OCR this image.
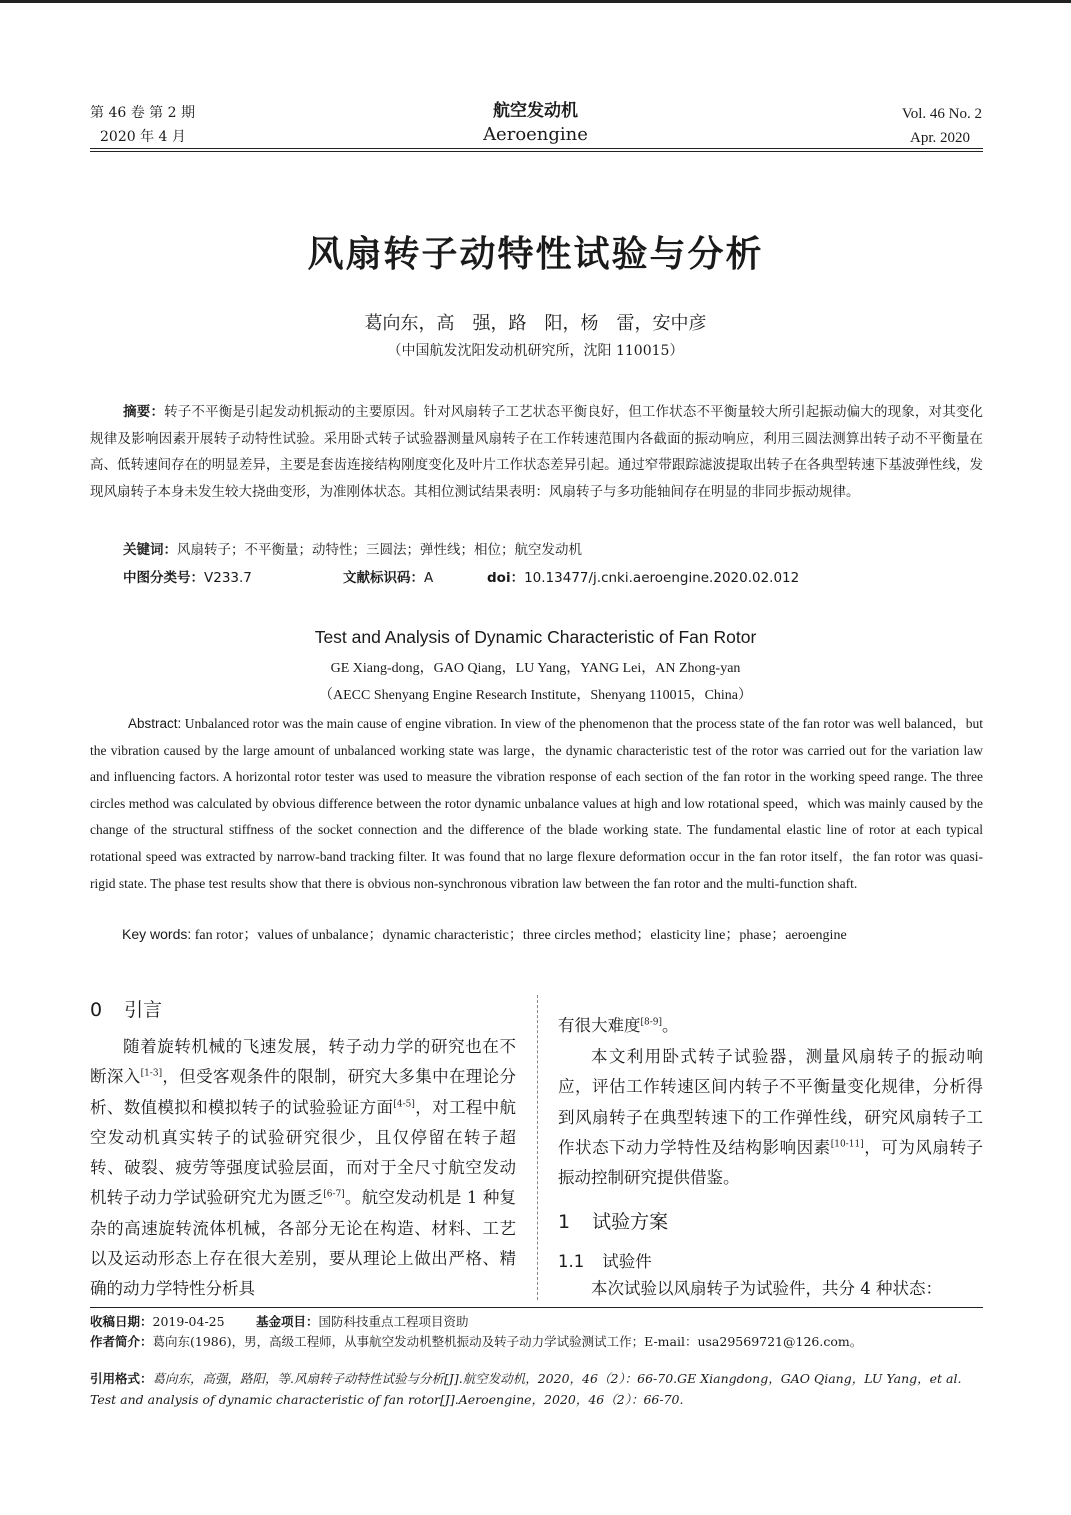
第 46 卷 第 2 期
2020 年 4 月
航空发动机
Aeroengine
Vol. 46 No. 2
Apr. 2020
风扇转子动特性试验与分析
葛向东，高　强，路　阳，杨　雷，安中彦
（中国航发沈阳发动机研究所，沈阳 110015）
摘要：转子不平衡是引起发动机振动的主要原因。针对风扇转子工艺状态平衡良好，但工作状态不平衡量较大所引起振动偏大的现象，对其变化规律及影响因素开展转子动特性试验。采用卧式转子试验器测量风扇转子在工作转速范围内各截面的振动响应，利用三圆法测算出转子动不平衡量在高、低转速间存在的明显差异，主要是套齿连接结构刚度变化及叶片工作状态差异引起。通过窄带跟踪滤波提取出转子在各典型转速下基波弹性线，发现风扇转子本身未发生较大挠曲变形，为准刚体状态。其相位测试结果表明：风扇转子与多功能轴间存在明显的非同步振动规律。
关键词：风扇转子；不平衡量；动特性；三圆法；弹性线；相位；航空发动机
中图分类号：V233.7	文献标识码：A	doi：10.13477/j.cnki.aeroengine.2020.02.012
Test and Analysis of Dynamic Characteristic of Fan Rotor
GE Xiang-dong，GAO Qiang，LU Yang，YANG Lei，AN Zhong-yan
（AECC Shenyang Engine Research Institute，Shenyang 110015，China）
Abstract: Unbalanced rotor was the main cause of engine vibration. In view of the phenomenon that the process state of the fan rotor was well balanced，but the vibration caused by the large amount of unbalanced working state was large，the dynamic characteristic test of the rotor was carried out for the variation law and influencing factors. A horizontal rotor tester was used to measure the vibration response of each section of the fan rotor in the working speed range. The three circles method was calculated by obvious difference between the rotor dynamic unbalance values at high and low rotational speed，which was mainly caused by the change of the structural stiffness of the socket connection and the difference of the blade working state. The fundamental elastic line of rotor at each typical rotational speed was extracted by narrow-band tracking filter. It was found that no large flexure deformation occur in the fan rotor itself，the fan rotor was quasi-rigid state. The phase test results show that there is obvious non-synchronous vibration law between the fan rotor and the multi-function shaft.
Key words: fan rotor；values of unbalance；dynamic characteristic；three circles method；elasticity line；phase；aeroengine
0 引言
随着旋转机械的飞速发展，转子动力学的研究也在不断深入[1-3]，但受客观条件的限制，研究大多集中在理论分析、数值模拟和模拟转子的试验验证方面[4-5]，对工程中航空发动机真实转子的试验研究很少，且仅停留在转子超转、破裂、疲劳等强度试验层面，而对于全尺寸航空发动机转子动力学试验研究尤为匮乏[6-7]。航空发动机是 1 种复杂的高速旋转流体机械，各部分无论在构造、材料、工艺以及运动形态上存在很大差别，要从理论上做出严格、精确的动力学特性分析具
有很大难度[8-9]。
本文利用卧式转子试验器，测量风扇转子的振动响应，评估工作转速区间内转子不平衡量变化规律，分析得到风扇转子在典型转速下的工作弹性线，研究风扇转子工作状态下动力学特性及结构影响因素[10-11]，可为风扇转子振动控制研究提供借鉴。
1 试验方案
1.1 试验件
本次试验以风扇转子为试验件，共分 4 种状态：
收稿日期：2019-04-25	基金项目：国防科技重点工程项目资助
作者简介：葛向东(1986)，男，高级工程师，从事航空发动机整机振动及转子动力学试验测试工作；E-mail：usa29569721@126.com。
引用格式：葛向东，高强，路阳，等.风扇转子动特性试验与分析[J].航空发动机，2020，46（2）：66-70.GE Xiangdong，GAO Qiang，LU Yang，et al. Test and analysis of dynamic characteristic of fan rotor[J].Aeroengine，2020，46（2）：66-70.
